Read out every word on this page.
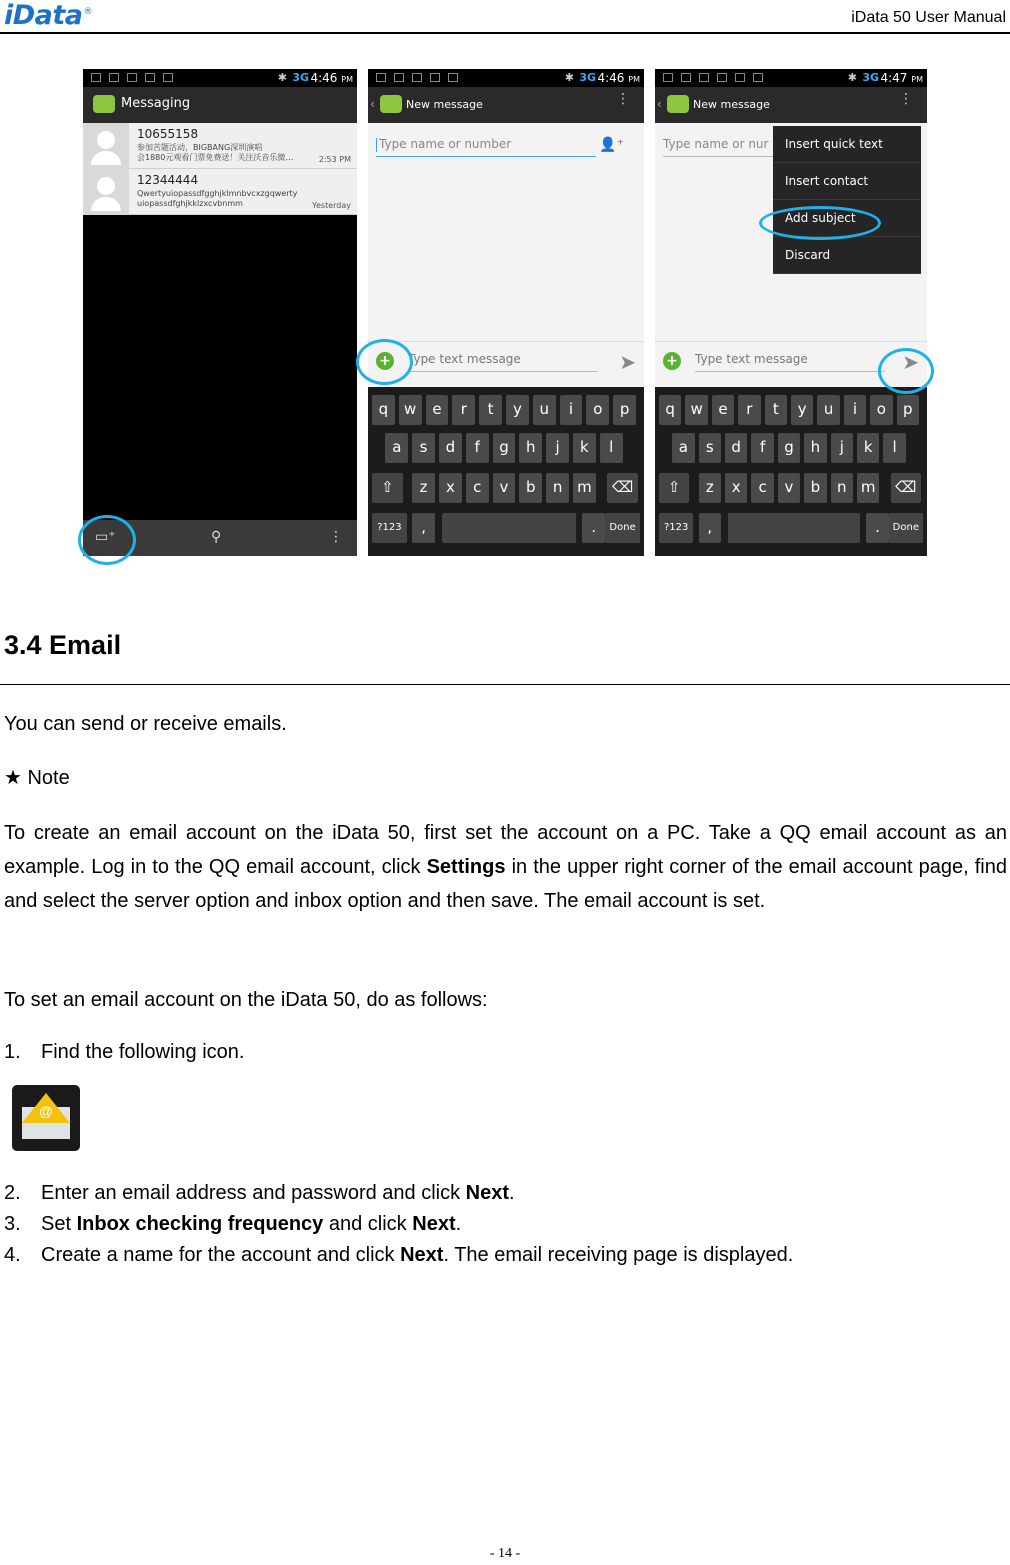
iData®	iData 50 User Manual
✱ 3G 4:46 PM
Messaging
10655158
参加苦题活动，BIGBANG深圳演唱
会1880元观看门票免费送！关注沃音乐微…	2:53 PM
12344444
Qwertyuiopassdfgghjklmnbvcxzgqwerty
uiopassdfghjkklzxcvbnmm	Yesterday
▭⁺	⚲	⋮
✱ 3G 4:46 PM
‹	New message	⋮
Type name or number	👤⁺
+ Type text message	➤
q	w	e	r	t	y	u	i	o	p
a	s	d	f	g	h	j	k	l
⇧	z	x	c	v	b	n m	⌫
?123	,	.	Done
✱ 3G 4:47 PM
‹	New message	⋮
Type name or nur	Insert quick text
Insert contact
Add subject
Discard
+ Type text message	➤
q	w	e	r	t	y	u	i	o	p
a	s	d	f	g	h	j	k	l
⇧	z	x	c	v	b	n m	⌫
?123	,	.	Done
3.4 Email
You can send or receive emails.
★ Note
To create an email account on the iData 50, first set the account on a PC. Take a QQ email account as an example. Log in to the QQ email account, click Settings in the upper right corner of the email account page, find and select the server option and inbox option and then save. The email account is set.
To set an email account on the iData 50, do as follows:
1. Find the following icon.
@
2. Enter an email address and password and click Next.
3. Set Inbox checking frequency and click Next.
4. Create a name for the account and click Next. The email receiving page is displayed.
- 14 -
